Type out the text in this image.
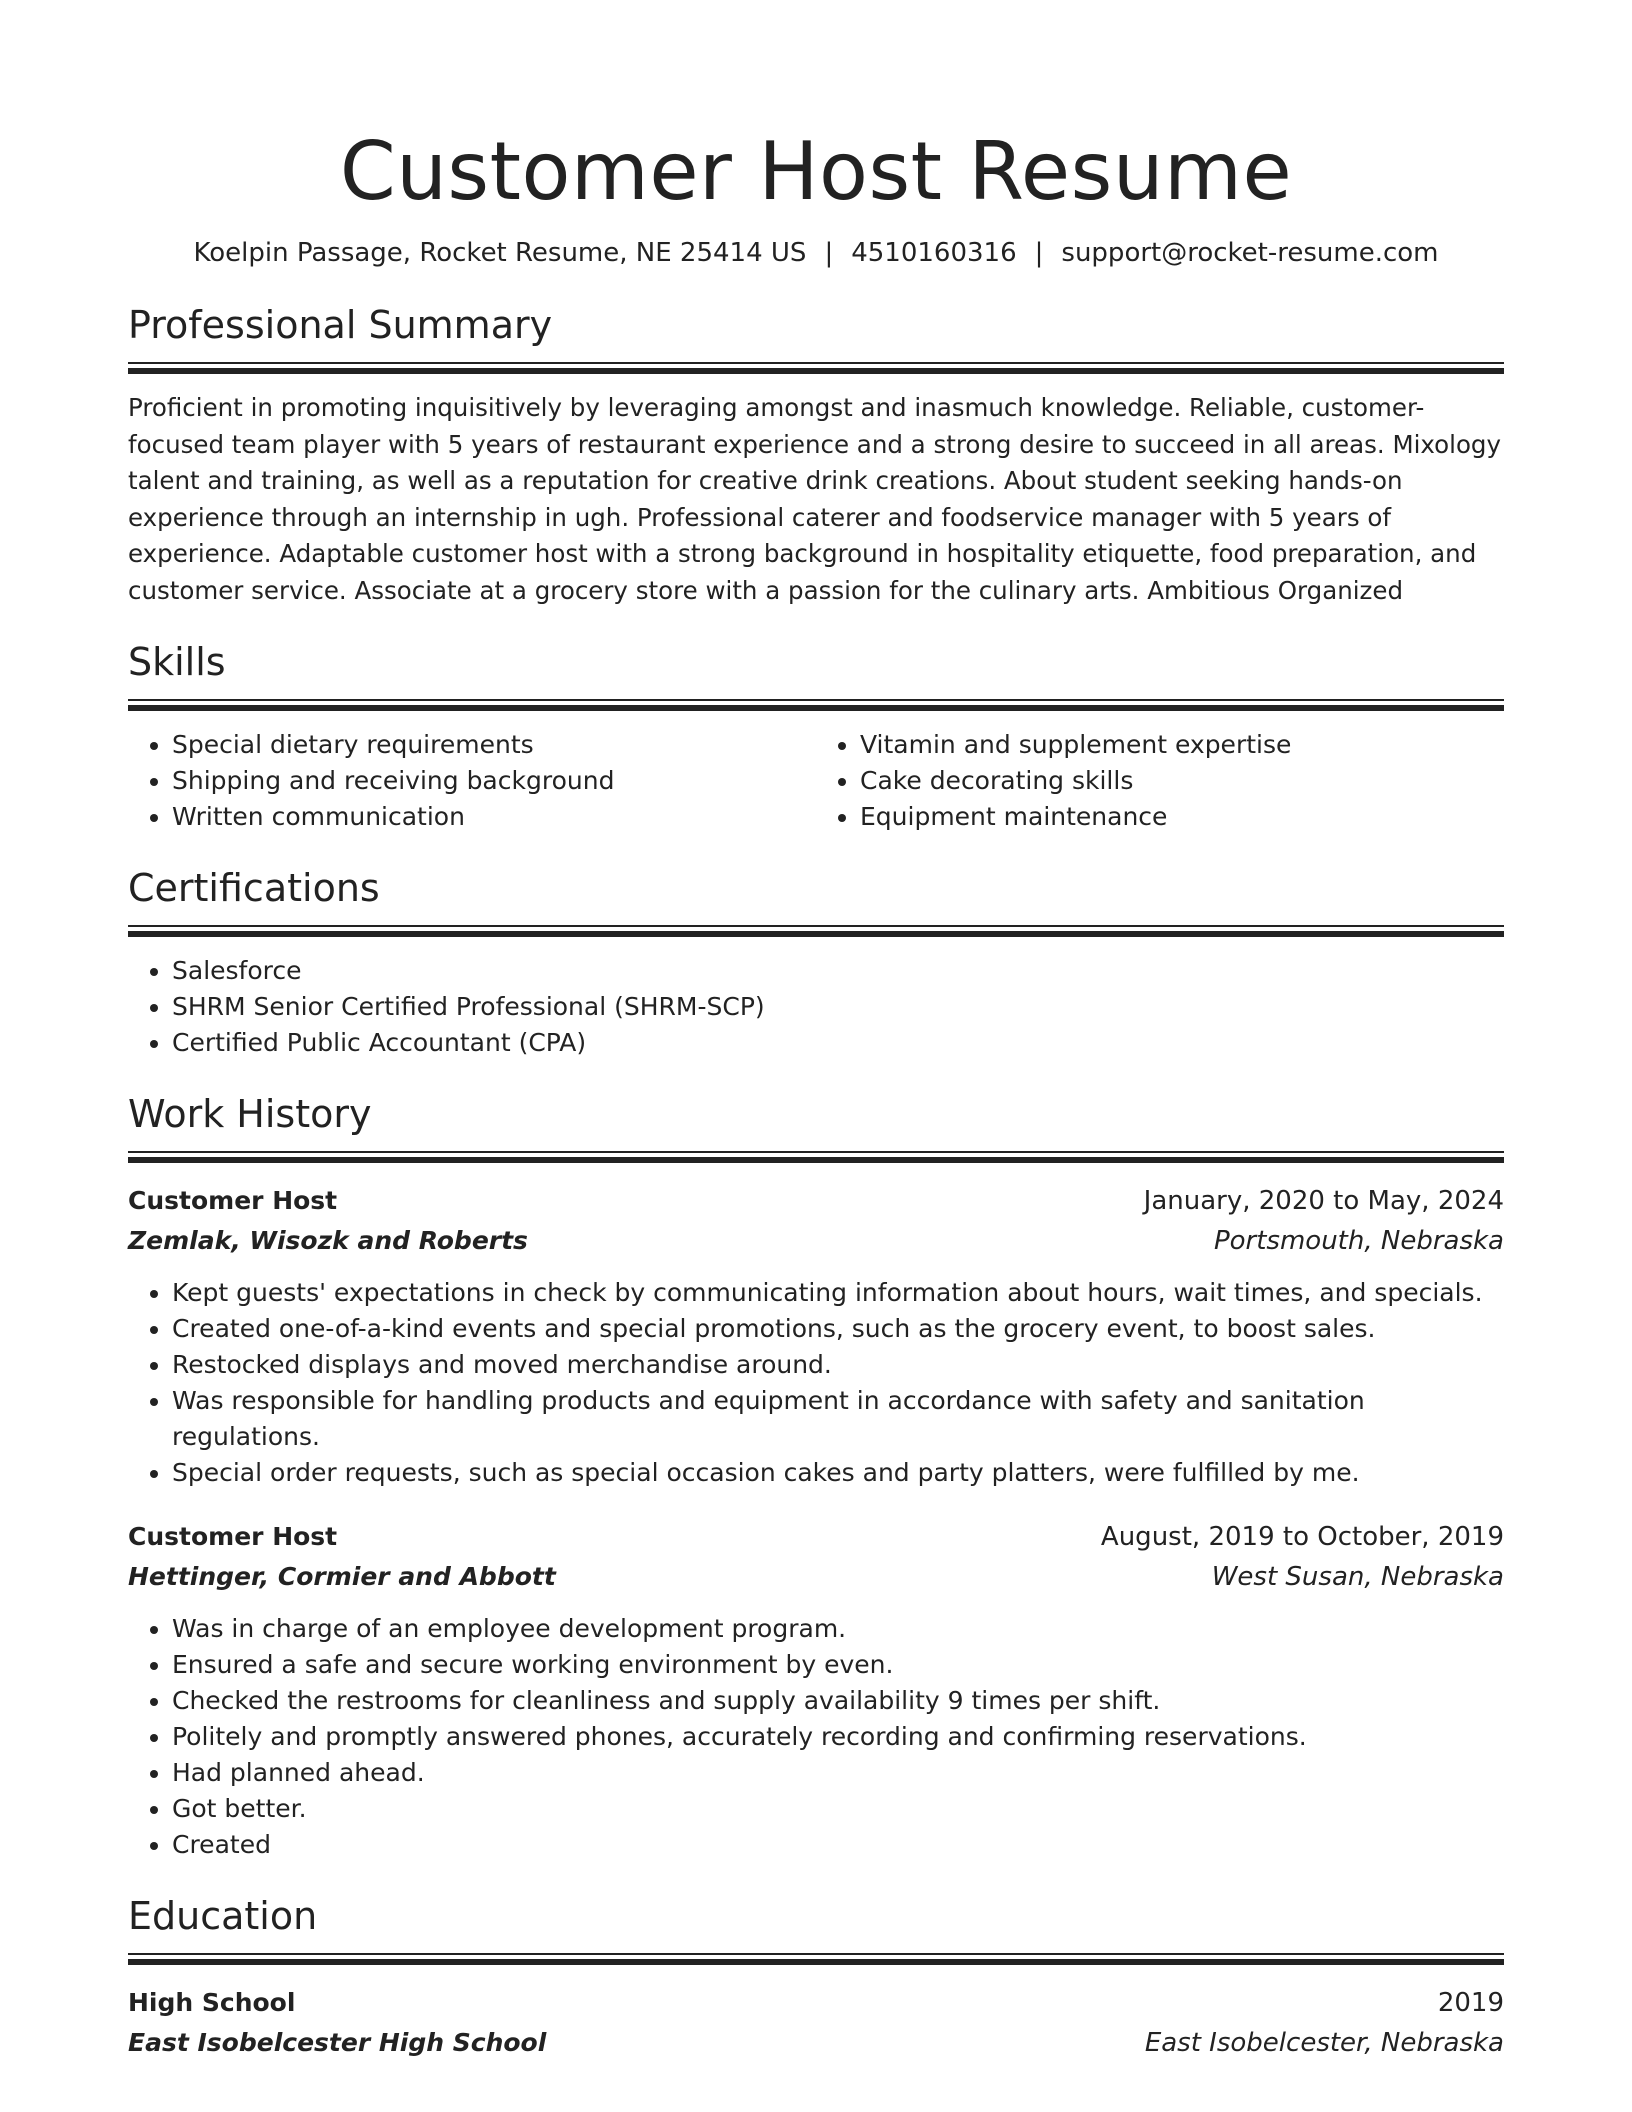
Customer Host Resume
Koelpin Passage, Rocket Resume, NE 25414 US | 4510160316 | support@rocket-resume.com
Professional Summary

Proficient in promoting inquisitively by leveraging amongst and inasmuch knowledge. Reliable, customer-focused team player with 5 years of restaurant experience and a strong desire to succeed in all areas. Mixology talent and training, as well as a reputation for creative drink creations. About student seeking hands-on experience through an internship in ugh. Professional caterer and foodservice manager with 5 years of experience. Adaptable customer host with a strong background in hospitality etiquette, food preparation, and customer service. Associate at a grocery store with a passion for the culinary arts. Ambitious Organized

Skills
• Special dietary requirements
• Shipping and receiving background
• Written communication
• Vitamin and supplement expertise
• Cake decorating skills
• Equipment maintenance
Certifications
• Salesforce
• SHRM Senior Certified Professional (SHRM-SCP)
• Certified Public Accountant (CPA)
Work History
Customer Host	January, 2020 to May, 2024
Zemlak, Wisozk and Roberts	Portsmouth, Nebraska
• Kept guests' expectations in check by communicating information about hours, wait times, and specials.
• Created one-of-a-kind events and special promotions, such as the grocery event, to boost sales.
• Restocked displays and moved merchandise around.
• Was responsible for handling products and equipment in accordance with safety and sanitation regulations.
• Special order requests, such as special occasion cakes and party platters, were fulfilled by me.
Customer Host	August, 2019 to October, 2019
Hettinger, Cormier and Abbott	West Susan, Nebraska
• Was in charge of an employee development program.
• Ensured a safe and secure working environment by even.
• Checked the restrooms for cleanliness and supply availability 9 times per shift.
• Politely and promptly answered phones, accurately recording and confirming reservations.
• Had planned ahead.
• Got better.
• Created
Education
High School	2019
East Isobelcester High School	East Isobelcester, Nebraska
